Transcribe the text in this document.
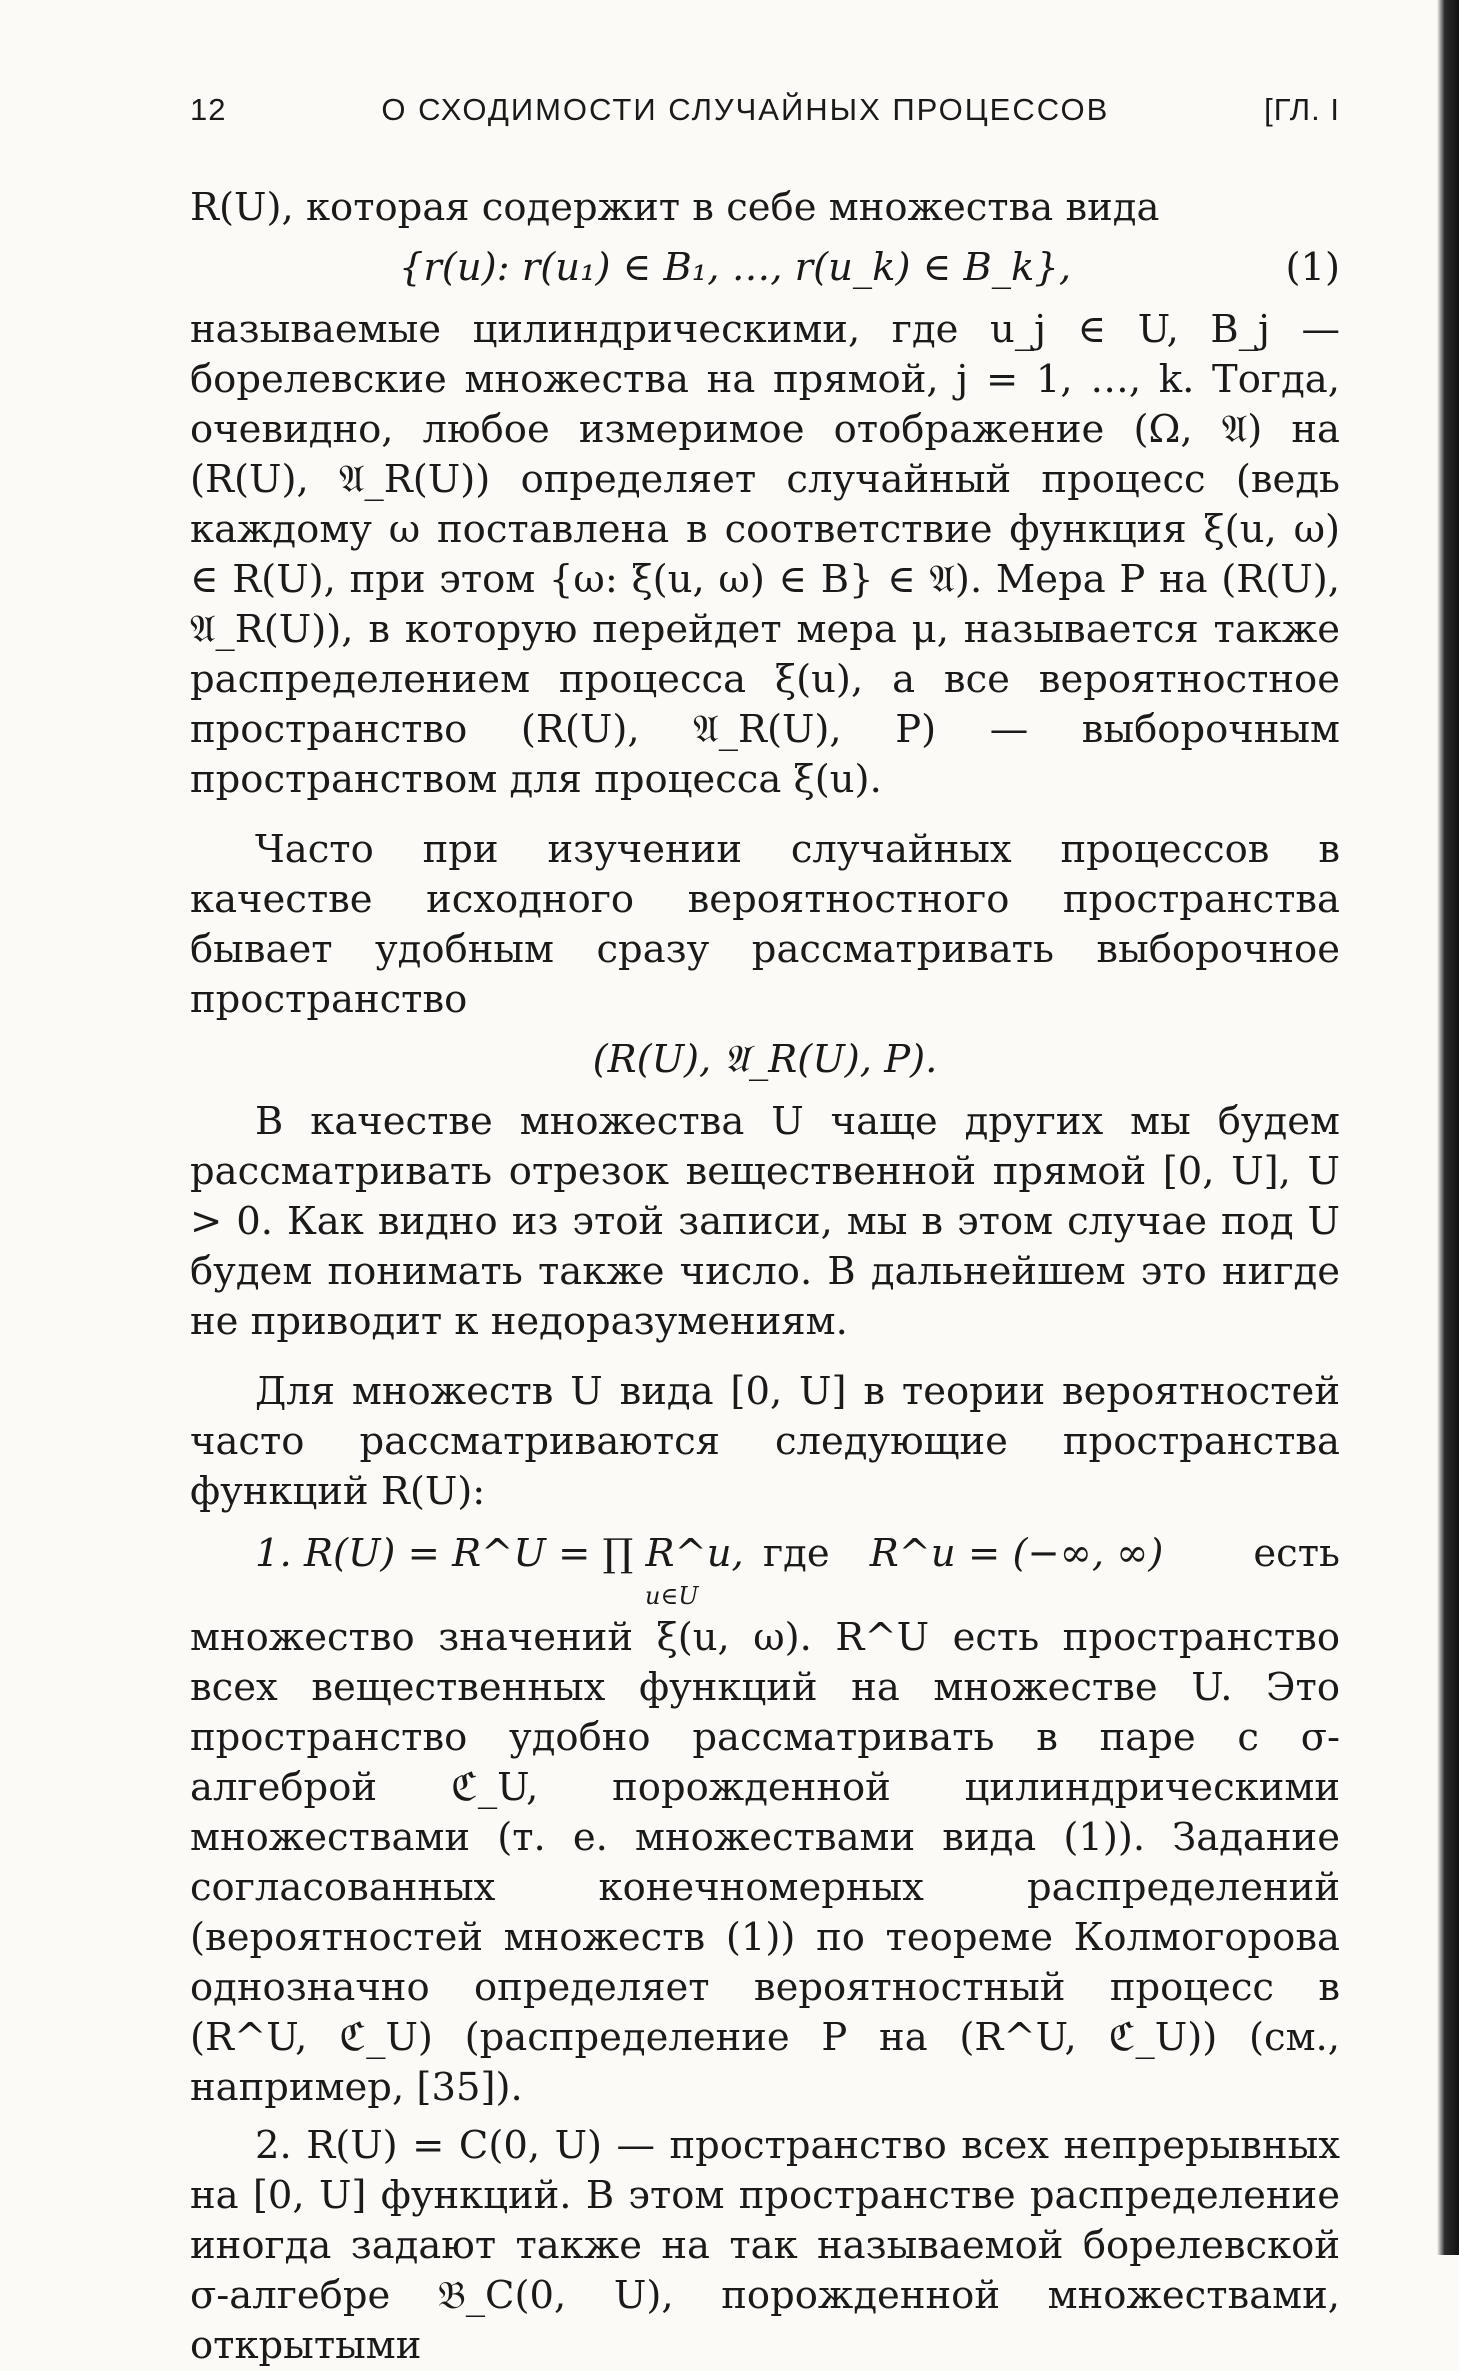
12	О СХОДИМОСТИ СЛУЧАЙНЫХ ПРОЦЕССОВ	[ГЛ. I

R(U), которая содержит в себе множества вида

{r(u): r(u₁) ∈ B₁, …, r(u_k) ∈ B_k},	(1)

называемые цилиндрическими, где u_j ∈ U, B_j — борелевские множества на прямой, j = 1, …, k. Тогда, очевидно, любое измеримое отображение (Ω, 𝔄) на (R(U), 𝔄_R(U)) определяет случайный процесс (ведь каждому ω поставлена в соответствие функция ξ(u, ω) ∈ R(U), при этом {ω: ξ(u, ω) ∈ B} ∈ 𝔄). Мера P на (R(U), 𝔄_R(U)), в которую перейдет мера μ, называется также распределением процесса ξ(u), а все вероятностное пространство (R(U), 𝔄_R(U), P) — выборочным пространством для процесса ξ(u).

Часто при изучении случайных процессов в качестве исходного вероятностного пространства бывает удобным сразу рассматривать выборочное пространство

(R(U), 𝔄_R(U), P).

В качестве множества U чаще других мы будем рассматривать отрезок вещественной прямой [0, U], U > 0. Как видно из этой записи, мы в этом случае под U будем понимать также число. В дальнейшем это нигде не приводит к недоразумениям.

Для множеств U вида [0, U] в теории вероятностей часто рассматриваются следующие пространства функций R(U):

1. R(U) = R^U = ∏ R^u,
u∈U
где R^u = (−∞, ∞) есть

множество значений ξ(u, ω). R^U есть пространство всех вещественных функций на множестве U. Это пространство удобно рассматривать в паре с σ-алгеброй ℭ_U, порожденной цилиндрическими множествами (т. е. множествами вида (1)). Задание согласованных конечномерных распределений (вероятностей множеств (1)) по теореме Колмогорова однозначно определяет вероятностный процесс в (R^U, ℭ_U) (распределение P на (R^U, ℭ_U)) (см., например, [35]).

2. R(U) = C(0, U) — пространство всех непрерывных на [0, U] функций. В этом пространстве распределение иногда задают также на так называемой борелевской σ-алгебре 𝔅_C(0, U), порожденной множествами, открытыми
